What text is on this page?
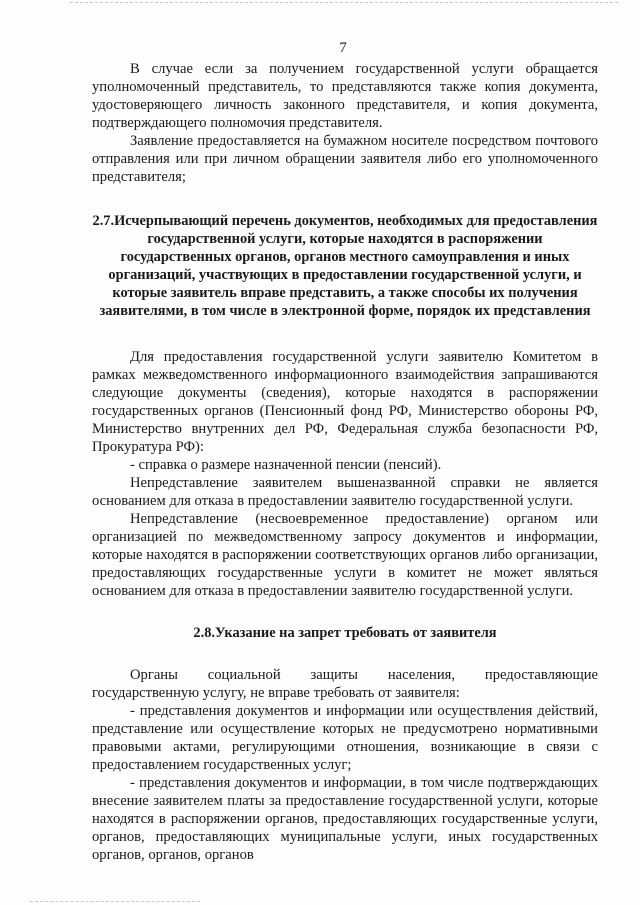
7

В случае если за получением государственной услуги обращается уполномоченный представитель, то представляются также копия документа, удостоверяющего личность законного представителя, и копия документа, подтверждающего полномочия представителя.

Заявление предоставляется на бумажном носителе посредством почтового отправления или при личном обращении заявителя либо его уполномоченного представителя;

2.7.Исчерпывающий перечень документов, необходимых для предоставления государственной услуги, которые находятся в распоряжении государственных органов, органов местного самоуправления и иных организаций, участвующих в предоставлении государственной услуги, и которые заявитель вправе представить, а также способы их получения заявителями, в том числе в электронной форме, порядок их представления

Для предоставления государственной услуги заявителю Комитетом в рамках межведомственного информационного взаимодействия запрашиваются следующие документы (сведения), которые находятся в распоряжении государственных органов (Пенсионный фонд РФ, Министерство обороны РФ, Министерство внутренних дел РФ, Федеральная служба безопасности РФ, Прокуратура РФ):

- справка о размере назначенной пенсии (пенсий).

Непредставление заявителем вышеназванной справки не является основанием для отказа в предоставлении заявителю государственной услуги.

Непредставление (несвоевременное предоставление) органом или организацией по межведомственному запросу документов и информации, которые находятся в распоряжении соответствующих органов либо организации, предоставляющих государственные услуги в комитет не может являться основанием для отказа в предоставлении заявителю государственной услуги.

2.8.Указание на запрет требовать от заявителя

Органы социальной защиты населения, предоставляющие государственную услугу, не вправе требовать от заявителя:

- представления документов и информации или осуществления действий, представление или осуществление которых не предусмотрено нормативными правовыми актами, регулирующими отношения, возникающие в связи с предоставлением государственных услуг;

- представления документов и информации, в том числе подтверждающих внесение заявителем платы за предоставление государственной услуги, которые находятся в распоряжении органов, предоставляющих государственные услуги, органов, предоставляющих муниципальные услуги, иных государственных органов, органов, органов
